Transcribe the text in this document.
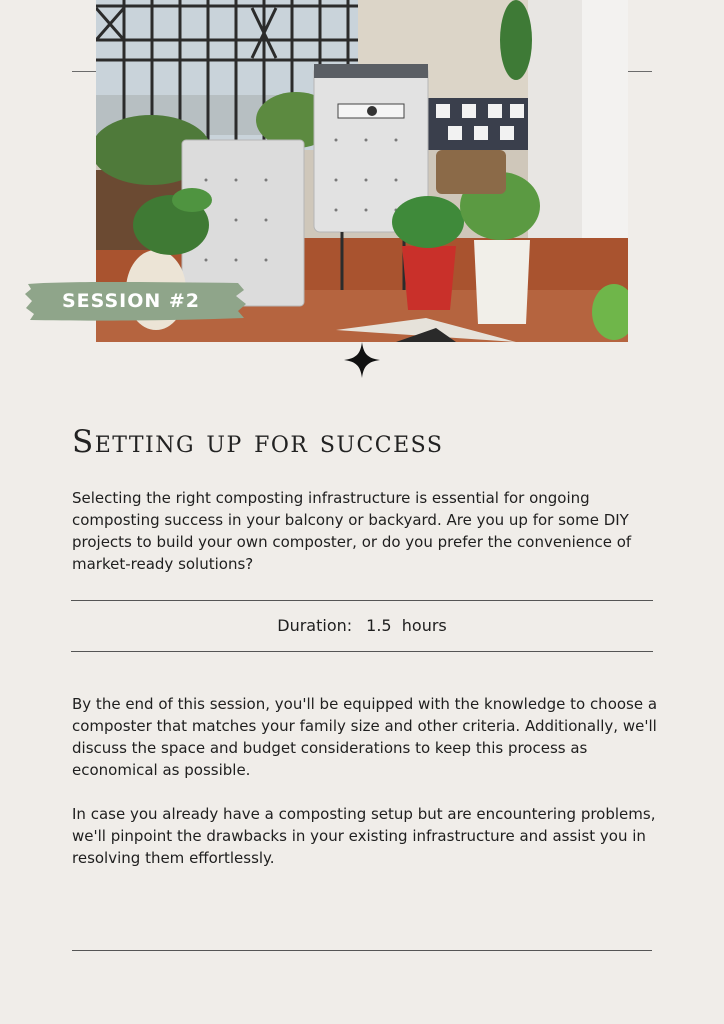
SESSION #2
Setting up for success

Selecting the right composting infrastructure is essential for ongoing composting success in your balcony or backyard. Are you up for some DIY projects to build your own composter, or do you prefer the convenience of market-ready solutions?

Duration: 1.5  hours

By the end of this session, you'll be equipped with the knowledge to choose a composter that matches your family size and other criteria. Additionally, we'll discuss the space and budget considerations to keep this process as economical as possible.

In case you already have a composting setup but are encountering problems, we'll pinpoint the drawbacks in your existing infrastructure and assist you in resolving them effortlessly.
